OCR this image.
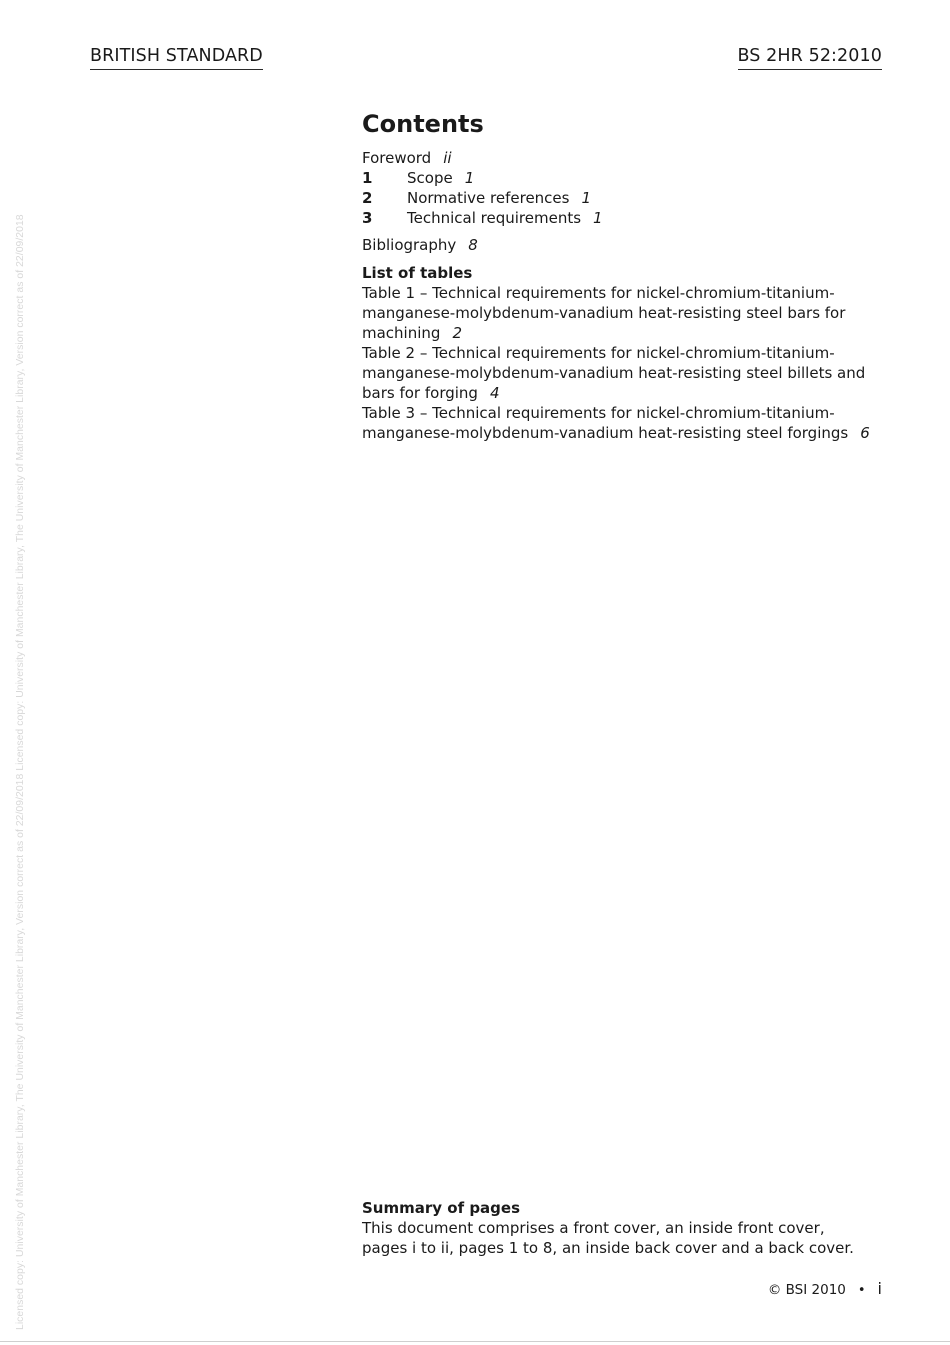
Licensed copy: University of Manchester Library, The University of Manchester Library, Version correct as of 22/09/2018 Licensed copy: University of Manchester Library, The University of Manchester Library, Version correct as of 22/09/2018
BRITISH STANDARD	BS 2HR 52:2010
Contents
Foreword ii
1 Scope 1
2 Normative references 1
3 Technical requirements 1
Bibliography 8
List of tables
Table 1 – Technical requirements for nickel-chromium-titanium-
manganese-molybdenum-vanadium heat-resisting steel bars for
machining 2
Table 2 – Technical requirements for nickel-chromium-titanium-
manganese-molybdenum-vanadium heat-resisting steel billets and
bars for forging 4
Table 3 – Technical requirements for nickel-chromium-titanium-
manganese-molybdenum-vanadium heat-resisting steel forgings 6
Summary of pages
This document comprises a front cover, an inside front cover,
pages i to ii, pages 1 to 8, an inside back cover and a back cover.
© BSI 2010 • i
